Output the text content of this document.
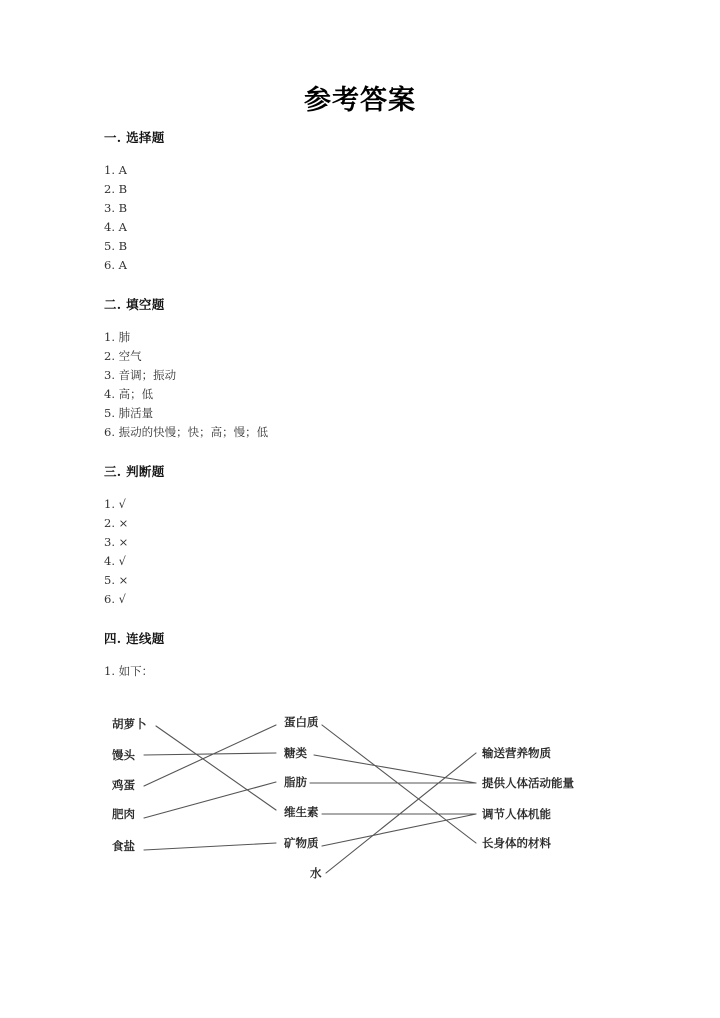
参考答案
一. 选择题
1. A
2. B
3. B
4. A
5. B
6. A
二. 填空题
1. 肺
2. 空气
3. 音调；振动
4. 高；低
5. 肺活量
6. 振动的快慢；快；高；慢；低
三. 判断题
1. √
2. ×
3. ×
4. √
5. ×
6. √
四. 连线题
1. 如下：
胡萝卜
馒头
鸡蛋
肥肉
食盐
蛋白质
糖类
脂肪
维生素
矿物质
水
输送营养物质
提供人体活动能量
调节人体机能
长身体的材料
